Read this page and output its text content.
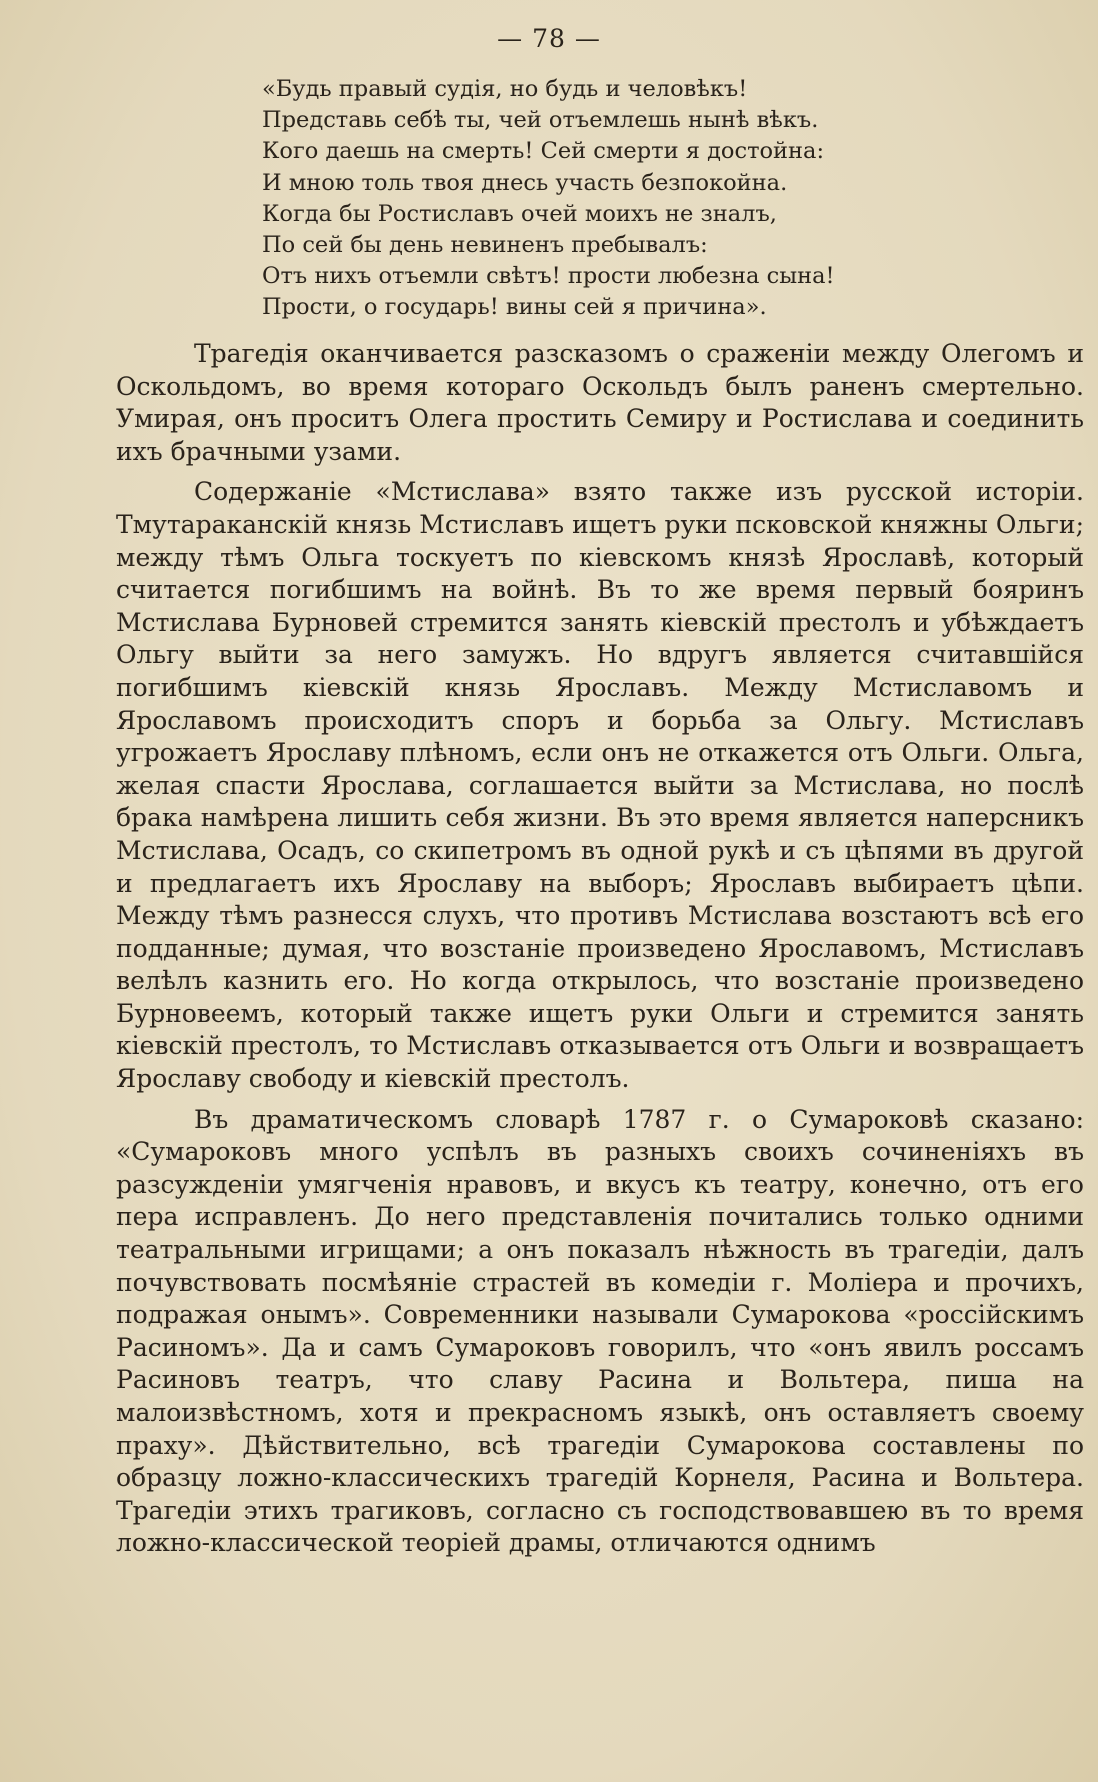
— 78 —
«Будь правый судія, но будь и человѣкъ!
Представь себѣ ты, чей отъемлешь нынѣ вѣкъ.
Кого даешь на смерть! Сей смерти я достойна:
И мною толь твоя днесь участь безпокойна.
Когда бы Ростиславъ очей моихъ не зналъ,
По сей бы день невиненъ пребывалъ:
Отъ нихъ отъемли свѣтъ! прости любезна сына!
Прости, о государь! вины сей я причина».

Трагедія оканчивается разсказомъ о сраженіи между Олегомъ и Оскольдомъ, во время котораго Оскольдъ былъ раненъ смертельно. Умирая, онъ проситъ Олега простить Семиру и Ростислава и соединить ихъ брачными узами.

Содержаніе «Мстислава» взято также изъ русской исторіи. Тмутараканскій князь Мстиславъ ищетъ руки псковской княжны Ольги; между тѣмъ Ольга тоскуетъ по кіевскомъ князѣ Ярославѣ, который считается погибшимъ на войнѣ. Въ то же время первый бояринъ Мстислава Бурновей стремится занять кіевскій престолъ и убѣждаетъ Ольгу выйти за него замужъ. Но вдругъ является считавшійся погибшимъ кіевскій князь Ярославъ. Между Мстиславомъ и Ярославомъ происходитъ споръ и борьба за Ольгу. Мстиславъ угрожаетъ Ярославу плѣномъ, если онъ не откажется отъ Ольги. Ольга, желая спасти Ярослава, соглашается выйти за Мстислава, но послѣ брака намѣрена лишить себя жизни. Въ это время является наперсникъ Мстислава, Осадъ, со скипетромъ въ одной рукѣ и съ цѣпями въ другой и предлагаетъ ихъ Ярославу на выборъ; Ярославъ выбираетъ цѣпи. Между тѣмъ разнесся слухъ, что противъ Мстислава возстаютъ всѣ его подданные; думая, что возстаніе произведено Ярославомъ, Мстиславъ велѣлъ казнить его. Но когда открылось, что возстаніе произведено Бурновеемъ, который также ищетъ руки Ольги и стремится занять кіевскій престолъ, то Мстиславъ отказывается отъ Ольги и возвращаетъ Ярославу свободу и кіевскій престолъ.

Въ драматическомъ словарѣ 1787 г. о Сумароковѣ сказано: «Сумароковъ много успѣлъ въ разныхъ своихъ сочиненіяхъ въ разсужденіи умягченія нравовъ, и вкусъ къ театру, конечно, отъ его пера исправленъ. До него представленія почитались только одними театральными игрищами; а онъ показалъ нѣжность въ трагедіи, далъ почувствовать посмѣяніе страстей въ комедіи г. Моліера и прочихъ, подражая онымъ». Современники называли Сумарокова «россійскимъ Расиномъ». Да и самъ Сумароковъ говорилъ, что «онъ явилъ россамъ Расиновъ театръ, что славу Расина и Вольтера, пиша на малоизвѣстномъ, хотя и прекрасномъ языкѣ, онъ оставляетъ своему праху». Дѣйствительно, всѣ трагедіи Сумарокова составлены по образцу ложно-классическихъ трагедій Корнеля, Расина и Вольтера. Трагедіи этихъ трагиковъ, согласно съ господствовавшею въ то время ложно-классической теоріей драмы, отличаются однимъ
